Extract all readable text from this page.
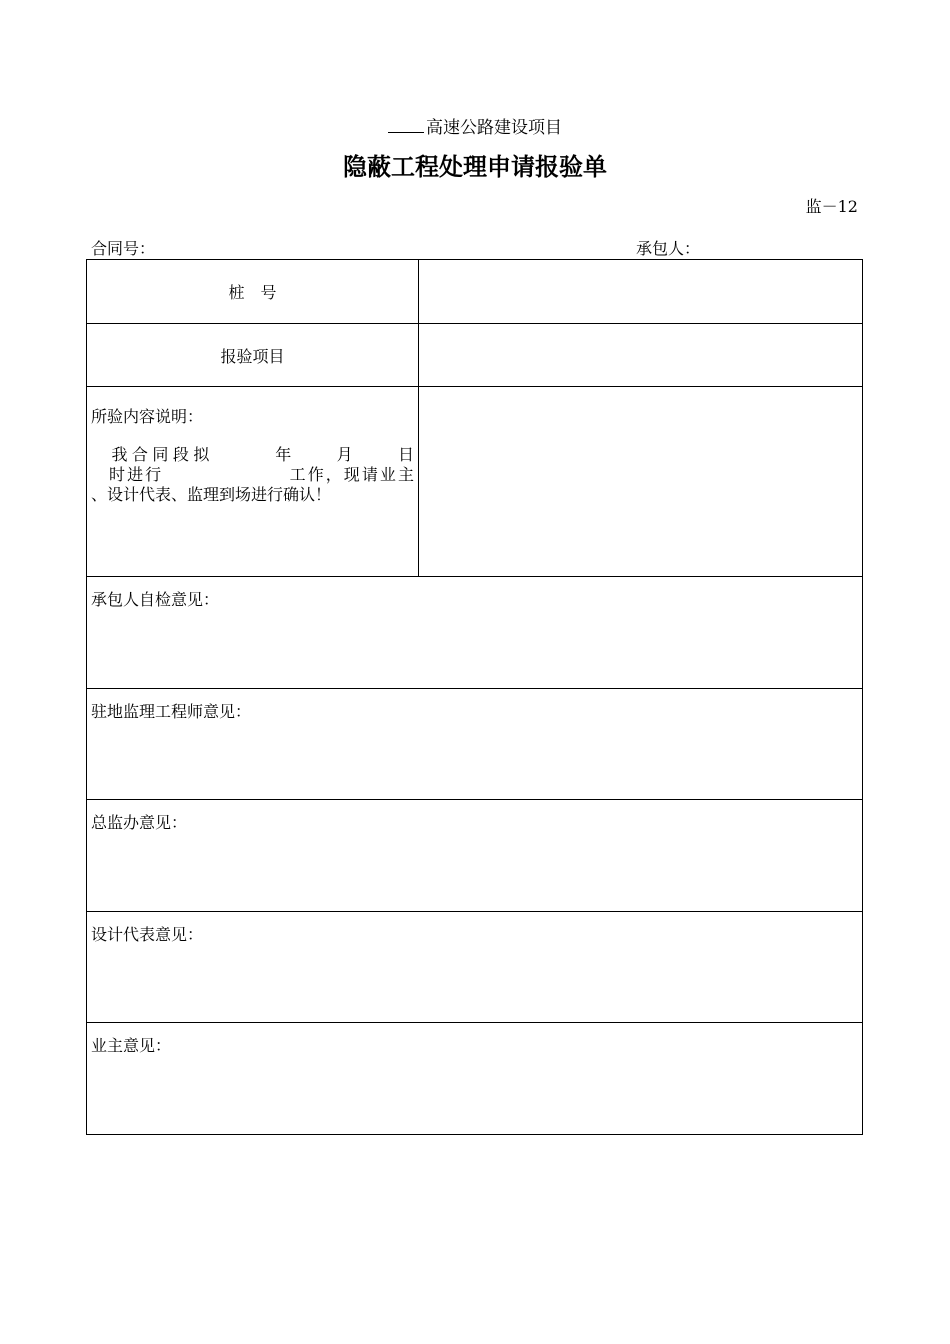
高速公路建设项目
隐蔽工程处理申请报验单
监－12
合同号：	承包人：
桩　号	
报验项目	

所验内容说明：
　我合同段拟　　　年　　月　　日
　时进行　　　　　　　工作，现请业主
、设计代表、监理到场进行确认！	

承包人自检意见：	
驻地监理工程师意见：	
总监办意见：	
设计代表意见：	
业主意见：	
